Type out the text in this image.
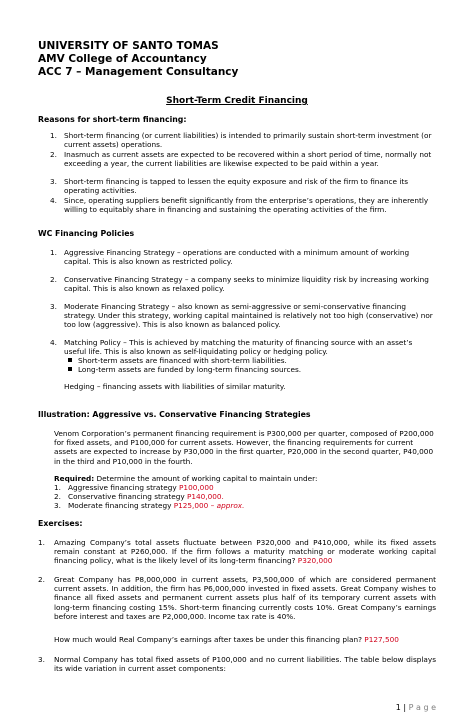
UNIVERSITY OF SANTO TOMAS
AMV College of Accountancy
ACC 7 – Management Consultancy
Short-Term Credit Financing
Reasons for short-term financing:
1. Short-term financing (or current liabilities) is intended to primarily sustain short-term investment (or current assets) operations.
2. Inasmuch as current assets are expected to be recovered within a short period of time, normally not exceeding a year, the current liabilities are likewise expected to be paid within a year.
3. Short-term financing is tapped to lessen the equity exposure and risk of the firm to finance its operating activities.
4. Since, operating suppliers benefit significantly from the enterprise’s operations, they are inherently willing to equitably share in financing and sustaining the operating activities of the firm.
WC Financing Policies
1. Aggressive Financing Strategy – operations are conducted with a minimum amount of working capital. This is also known as restricted policy.
2. Conservative Financing Strategy – a company seeks to minimize liquidity risk by increasing working capital. This is also known as relaxed policy.
3. Moderate Financing Strategy – also known as semi-aggressive or semi-conservative financing strategy. Under this strategy, working capital maintained is relatively not too high (conservative) nor too low (aggressive). This is also known as balanced policy.
4. Matching Policy – This is achieved by matching the maturity of financing source with an asset’s useful life. This is also known as self-liquidating policy or hedging policy.
Short-term assets are financed with short-term liabilities.
Long-term assets are funded by long-term financing sources.
Hedging – financing assets with liabilities of similar maturity.
Illustration: Aggressive vs. Conservative Financing Strategies
Venom Corporation’s permanent financing requirement is P300,000 per quarter, composed of P200,000 for fixed assets, and P100,000 for current assets. However, the financing requirements for current assets are expected to increase by P30,000 in the first quarter, P20,000 in the second quarter, P40,000 in the third and P10,000 in the fourth.
Required: Determine the amount of working capital to maintain under:
1. Aggressive financing strategy P100,000
2. Conservative financing strategy P140,000.
3. Moderate financing strategy P125,000 – approx.
Exercises:
1. Amazing Company’s total assets fluctuate between P320,000 and P410,000, while its fixed assets remain constant at P260,000. If the firm follows a maturity matching or moderate working capital financing policy, what is the likely level of its long-term financing? P320,000
2. Great Company has P8,000,000 in current assets, P3,500,000 of which are considered permanent current assets. In addition, the firm has P6,000,000 invested in fixed assets. Great Company wishes to finance all fixed assets and permanent current assets plus half of its temporary current assets with long-term financing costing 15%. Short-term financing currently costs 10%. Great Company’s earnings before interest and taxes are P2,000,000. Income tax rate is 40%.
How much would Real Company’s earnings after taxes be under this financing plan? P127,500
3. Normal Company has total fixed assets of P100,000 and no current liabilities. The table below displays its wide variation in current asset components:
1 | P a g e
